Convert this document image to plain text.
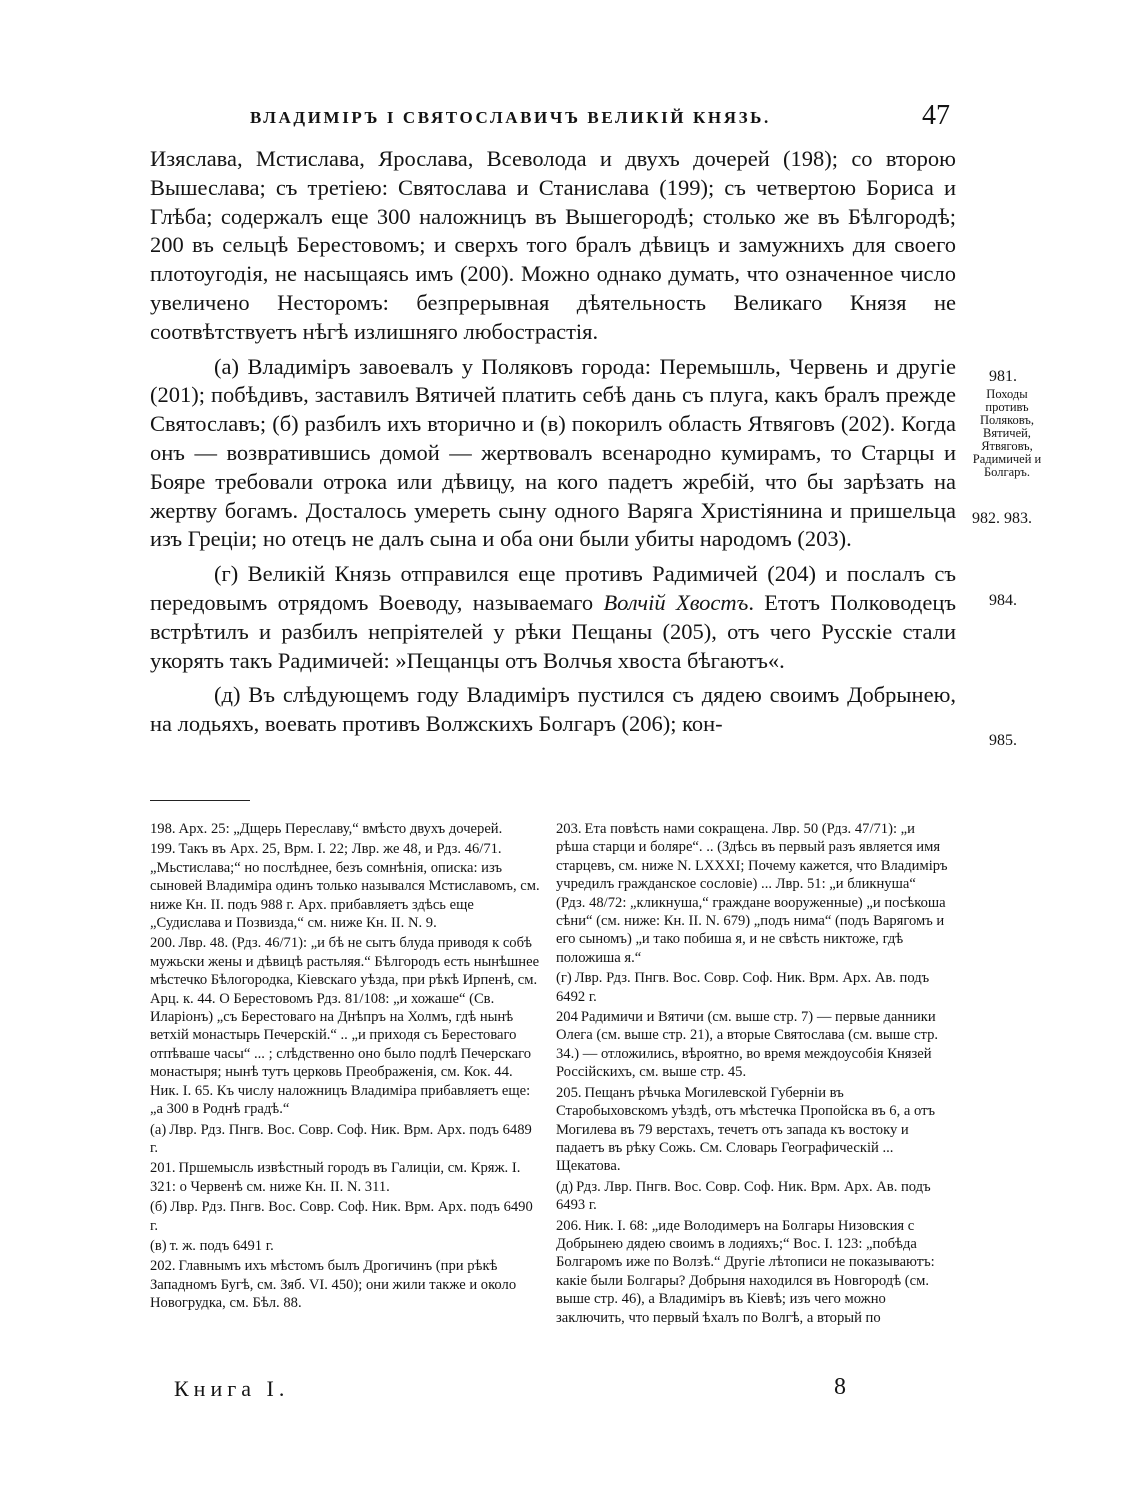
ВЛАДИМІРЪ І СВЯТОСЛАВИЧЪ ВЕЛИКІЙ КНЯЗЬ.	47

Изяслава, Мстислава, Ярослава, Всеволода и двухъ дочерей (198); со второю Вышеслава; съ третіею: Святослава и Станислава (199); съ четвертою Бориса и Глѣба; содержалъ еще 300 наложницъ въ Вышегородѣ; столько же въ Бѣлгородѣ; 200 въ сельцѣ Берестовомъ; и сверхъ того бралъ дѣвицъ и замужнихъ для своего плотоугодія, не насыщаясь имъ (200). Можно однако думать, что означенное число увеличено Несторомъ: безпрерывная дѣятельность Великаго Князя не соотвѣтствуетъ нѣгѣ излишняго любострастія.

(а) Владиміръ завоевалъ у Поляковъ города: Перемышль, Червень и другіе (201); побѣдивъ, заставилъ Вятичей платить себѣ дань съ плуга, какъ бралъ прежде Святославъ; (б) разбилъ ихъ вторично и (в) покорилъ область Ятвяговъ (202). Когда онъ — возвратившись домой — жертвовалъ всенародно кумирамъ, то Старцы и Бояре требовали отрока или дѣвицу, на кого падетъ жребій, что бы зарѣзать на жертву богамъ. Досталось умереть сыну одного Варяга Христіянина и пришельца изъ Греціи; но отецъ не далъ сына и оба они были убиты народомъ (203).

(г) Великій Князь отправился еще противъ Радимичей (204) и послалъ съ передовымъ отрядомъ Воеводу, называемаго Волчій Хвостъ. Етотъ Полководецъ встрѣтилъ и разбилъ непріятелей у рѣки Пещаны (205), отъ чего Русскіе стали укорять такъ Радимичей: »Пещанцы отъ Волчья хвоста бѣгаютъ«.

(д) Въ слѣдующемъ году Владиміръ пустился съ дядею своимъ Добрынею, на лодьяхъ, воевать противъ Волжскихъ Болгаръ (206); кон-

981.
Походы противъ Поляковъ, Вятичей, Ятвяговъ, Радимичей и Болгаръ.
982. 983.
984.
985.

198. Арх. 25: „Дщерь Переславу,“ вмѣсто двухъ дочерей.

199. Такъ въ Арх. 25, Врм. I. 22; Лвр. же 48, и Рдз. 46/71. „Мьстислава;“ но послѣднее, безъ сомнѣнія, описка: изъ сыновей Владиміра одинъ только назывался Мстиславомъ, см. ниже Кн. II. подъ 988 г. Арх. прибавляетъ здѣсь еще „Судислава и Позвизда,“ см. ниже Кн. II. N. 9.

200. Лвр. 48. (Рдз. 46/71): „и бѣ не сытъ блуда приводя к собѣ мужьски жены и дѣвицѣ растьляя.“ Бѣлгородъ есть нынѣшнее мѣстечко Бѣлогородка, Кіевскаго уѣзда, при рѣкѣ Ирпенѣ, см. Арц. к. 44. О Берестовомъ Рдз. 81/108: „и хожаше“ (Св. Иларіонъ) „съ Берестоваго на Днѣпръ на Холмъ, гдѣ нынѣ ветхій монастырь Печерскій.“ .. „и приходя съ Берестоваго отпѣваше часы“ ... ; слѣдственно оно было подлѣ Печерскаго монастыря; нынѣ тутъ церковь Преображенія, см. Кок. 44. Ник. I. 65. Къ числу наложницъ Владиміра прибавляетъ еще: „а 300 в Роднѣ градѣ.“

(а) Лвр. Рдз. Пнгв. Вос. Совр. Соф. Ник. Врм. Арх. подъ 6489 г.

201. Пршемысль извѣстный городъ въ Галиціи, см. Кряж. I. 321: о Червенѣ см. ниже Кн. II. N. 311.

(б) Лвр. Рдз. Пнгв. Вос. Совр. Соф. Ник. Врм. Арх. подъ 6490 г.

(в) т. ж. подъ 6491 г.

202. Главнымъ ихъ мѣстомъ былъ Дрогичинъ (при рѣкѣ Западномъ Бугѣ, см. Зяб. VI. 450); они жили также и около Новогрудка, см. Бѣл. 88.

203. Ета повѣсть нами сокращена. Лвр. 50 (Рдз. 47/71): „и рѣша старци и боляре“. .. (Здѣсь въ первый разъ является имя старцевъ, см. ниже N. LXXXI; Почему кажется, что Владиміръ учредилъ гражданское сословіе) ... Лвр. 51: „и бликнуша“ (Рдз. 48/72: „кликнуша,“ граждане вооруженные) „и посѣкоша сѣни“ (см. ниже: Кн. II. N. 679) „подъ нима“ (подъ Варягомъ и его сыномъ) „и тако побиша я, и не свѣсть никтоже, гдѣ положиша я.“

(г) Лвр. Рдз. Пнгв. Вос. Совр. Соф. Ник. Врм. Арх. Ав. подъ 6492 г.

204 Радимичи и Вятичи (см. выше стр. 7) — первые данники Олега (см. выше стр. 21), а вторые Святослава (см. выше стр. 34.) — отложились, вѣроятно, во время междоусобія Князей Россійскихъ, см. выше стр. 45.

205. Пещанъ рѣчька Могилевской Губерніи въ Старобыховскомъ уѣздѣ, отъ мѣстечка Пропойска въ 6, а отъ Могилева въ 79 верстахъ, течетъ отъ запада къ востоку и падаетъ въ рѣку Сожь. См. Словарь Географическій ... Щекатова.

(д) Рдз. Лвр. Пнгв. Вос. Совр. Соф. Ник. Врм. Арх. Ав. подъ 6493 г.

206. Ник. I. 68: „иде Володимеръ на Болгары Низовския с Добрынею дядею своимъ в лодияхъ;“ Вос. I. 123: „побѣда Болгаромъ иже по Волзѣ.“ Другіе лѣтописи не показываютъ: какіе были Болгары? Добрыня находился въ Новгородѣ (см. выше стр. 46), а Владиміръ въ Кіевѣ; изъ чего можно заключить, что первый ѣхалъ по Волгѣ, а вторый по

Книга I.	8
